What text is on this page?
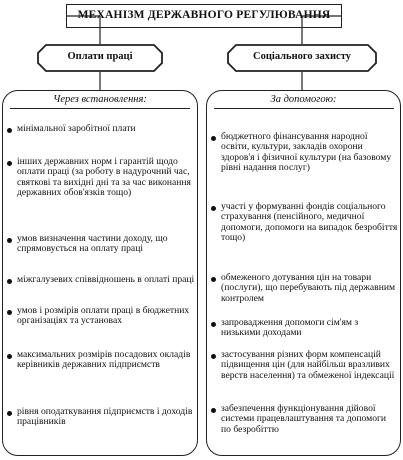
МЕХАНІЗМ ДЕРЖАВНОГО РЕГУЛЮВАННЯ
Оплати праці	Соціального захисту
Через встановлення:	За допомогою:
мінімальної заробітної плати
інших державних норм і гарантій щодо оплати праці (за роботу в надурочний час, святкові та вихідні дні та за час виконання державних обов'язків тощо)
умов визначення частини доходу, що спрямовується на оплату праці
міжгалузевих співвідношень в оплаті праці
умов і розмірів оплати праці в бюджетних організаціях та установах
максимальних розмірів посадових окладів керівників державних підприємств
рівня оподаткування підприємств і доходів працівників
бюджетного фінансування народної освіти, культури, закладів охорони здоров'я і фізичної культури (на базовому рівні надання послуг)
участі у формуванні фондів соціального страхування (пенсійного, медичної допомоги, допомоги на випадок безробіття тощо)
обмеженого дотування цін на товари (послуги), що перебувають під державним контролем
запровадження допомоги сім'ям з низькими доходами
застосування різних форм компенсацій підвищення цін (для найбільш вразливих верств населення) та обмеженої індексації
забезпечення функціонування дійової системи працевлаштування та допомоги по безробіттю
